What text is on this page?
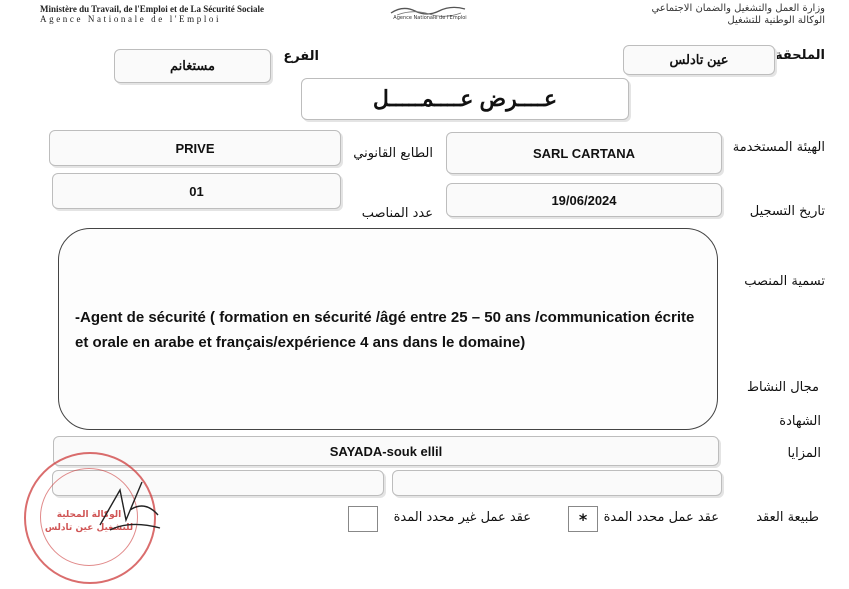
Ministère du Travail, de l'Emploi et de La Sécurité Sociale
Agence Nationale de l'Emploi	Agence Nationale de l'Emploi
وزارة العمل والتشغيل والضمان الاجتماعي
الوكالة الوطنية للتشغيل
الملحقة
عين تادلس
الفرع
مستغانم
عــــرض عــــمـــــل
الهيئة المستخدمة
SARL CARTANA
الطابع القانوني
PRIVE
تاريخ التسجيل
19/06/2024
عدد المناصب
01
تسمية المنصب
-Agent de sécurité ( formation en sécurité /âgé entre 25 – 50 ans /communication écrite et orale en arabe et français/expérience 4 ans dans le domaine)
مجال النشاط
الشهادة
المزايا
SAYADA-souk ellil
طبيعة العقد
عقد عمل محدد المدة
*
عقد عمل غير محدد المدة
الوكالة المحلية للتشغيل عين تادلس
